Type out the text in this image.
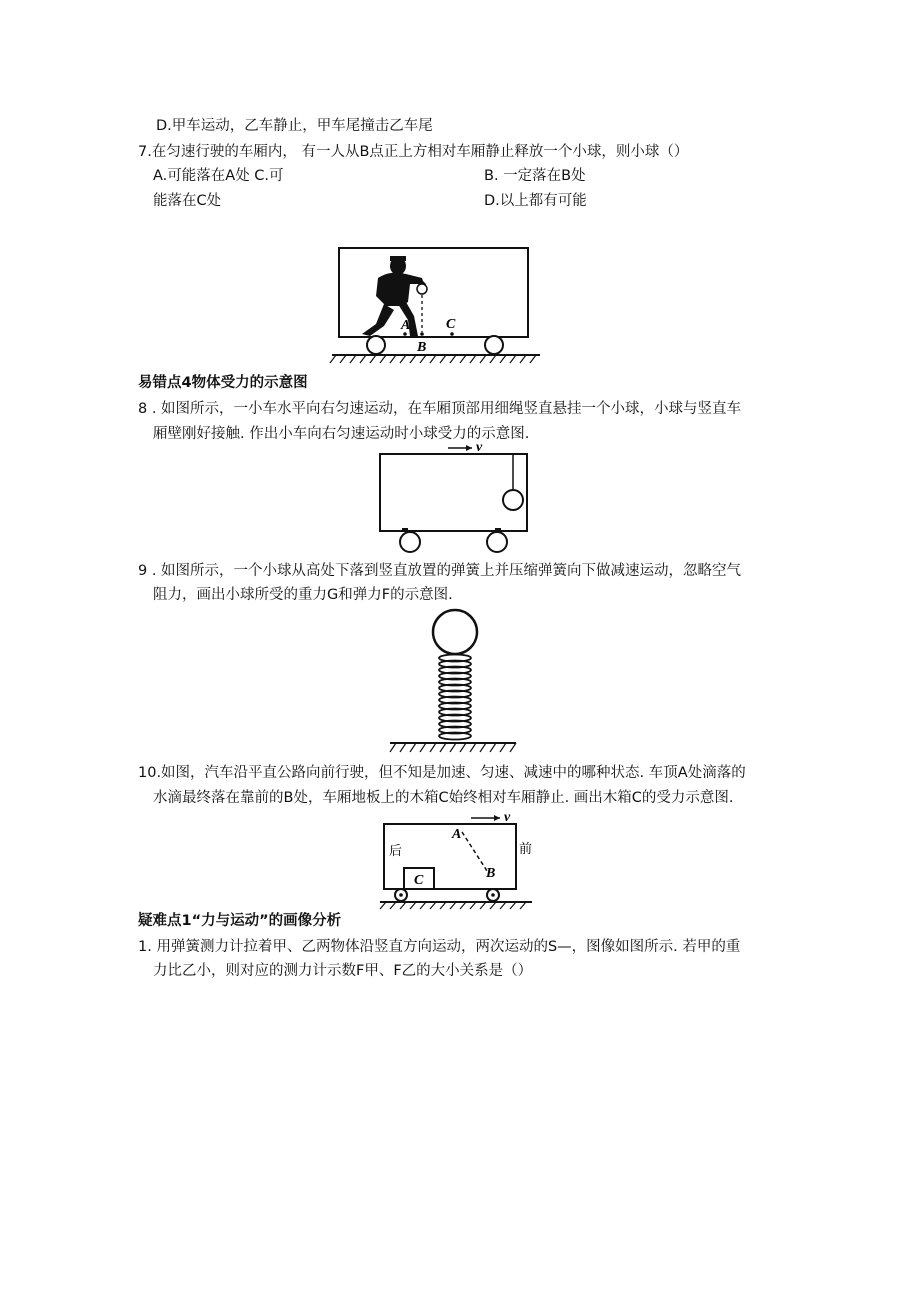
D.甲车运动，乙车静止，甲车尾撞击乙车尾
7.在匀速行驶的车厢内， 有一人从B点正上方相对车厢静止释放一个小球，则小球（）
A.可能落在A处 C.可	B. 一定落在B处
能落在C处	D.以上都有可能
A	C
B
易错点4物体受力的示意图
8 . 如图所示，一小车水平向右匀速运动，在车厢顶部用细绳竖直悬挂一个小球，小球与竖直车
厢壁刚好接触. 作出小车向右匀速运动时小球受力的示意图.
v
9 . 如图所示，一个小球从高处下落到竖直放置的弹簧上并压缩弹簧向下做减速运动，忽略空气
阻力，画出小球所受的重力G和弹力F的示意图.
10.如图，汽车沿平直公路向前行驶，但不知是加速、匀速、减速中的哪种状态. 车顶A处滴落的
水滴最终落在靠前的B处，车厢地板上的木箱C始终相对车厢静止. 画出木箱C的受力示意图.
v
后	前
A
B
C
疑难点1“力与运动”的画像分析
1. 用弹簧测力计拉着甲、乙两物体沿竖直方向运动，两次运动的S—，图像如图所示. 若甲的重
力比乙小，则对应的测力计示数F甲、F乙的大小关系是（）
